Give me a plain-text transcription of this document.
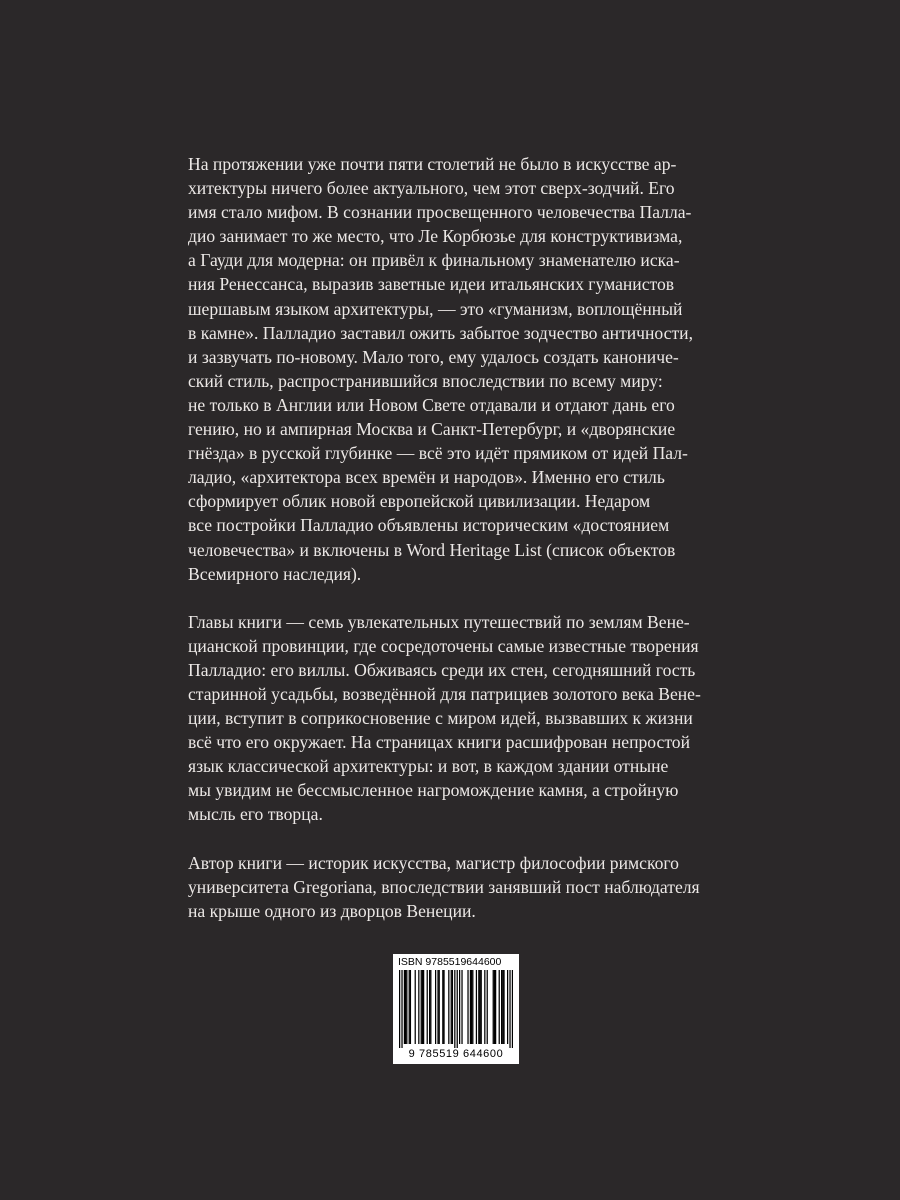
На протяжении уже почти пяти столетий не было в искусстве ар-
хитектуры ничего более актуального, чем этот сверх-зодчий. Его
имя стало мифом. В сознании просвещенного человечества Палла-
дио занимает то же место, что Ле Корбюзье для конструктивизма,
а Гауди для модерна: он привёл к финальному знаменателю иска-
ния Ренессанса, выразив заветные идеи итальянских гуманистов
шершавым языком архитектуры, — это «гуманизм, воплощённый
в камне». Палладио заставил ожить забытое зодчество античности,
и зазвучать по-новому. Мало того, ему удалось создать канониче-
ский стиль, распространившийся впоследствии по всему миру:
не только в Англии или Новом Свете отдавали и отдают дань его
гению, но и ампирная Москва и Санкт-Петербург, и «дворянские
гнёзда» в русской глубинке — всё это идёт прямиком от идей Пал-
ладио, «архитектора всех времён и народов». Именно его стиль
сформирует облик новой европейской цивилизации. Недаром
все постройки Палладио объявлены историческим «достоянием
человечества» и включены в Word Heritage List (список объектов
Всемирного наследия).

Главы книги — семь увлекательных путешествий по землям Вене-
цианской провинции, где сосредоточены самые известные творения
Палладио: его виллы. Обживаясь среди их стен, сегодняшний гость
старинной усадьбы, возведённой для патрициев золотого века Вене-
ции, вступит в соприкосновение с миром идей, вызвавших к жизни
всё что его окружает. На страницах книги расшифрован непростой
язык классической архитектуры: и вот, в каждом здании отныне
мы увидим не бессмысленное нагромождение камня, а стройную
мысль его творца.

Автор книги — историк искусства, магистр философии римского
университета Gregoriana, впоследствии занявший пост наблюдателя
на крыше одного из дворцов Венеции.

ISBN 9785519644600
9 785519 644600
